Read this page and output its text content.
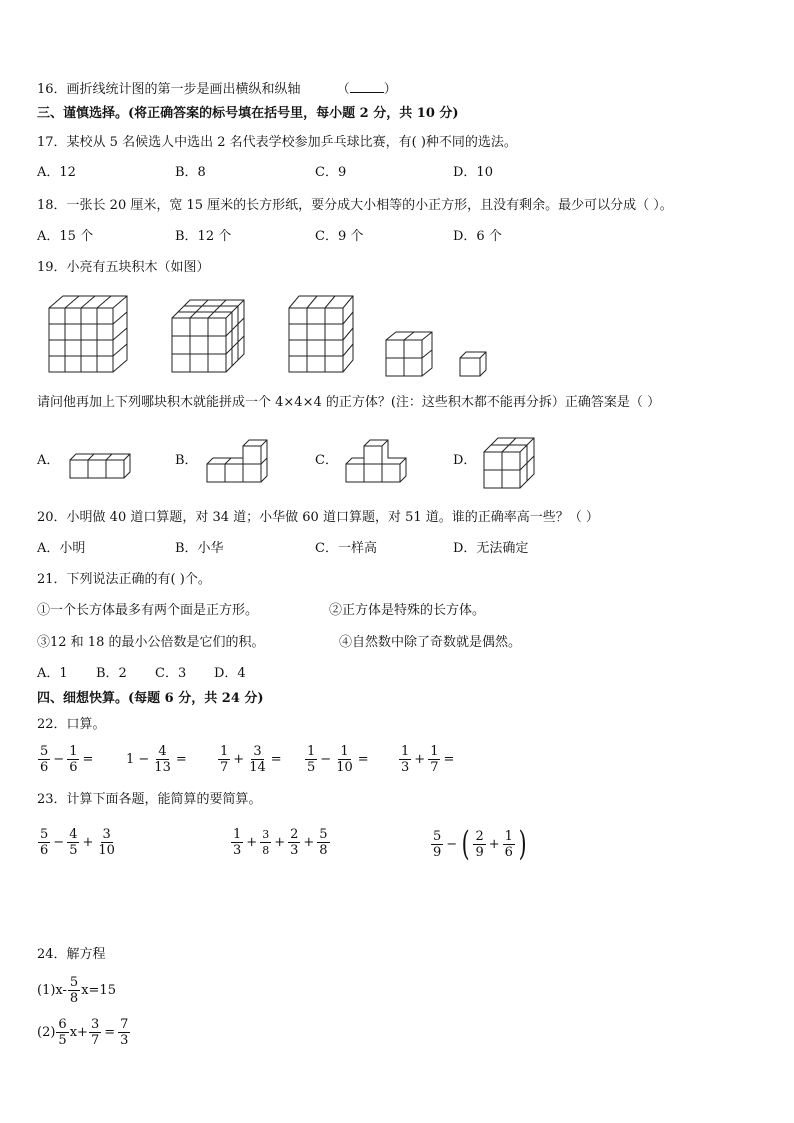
16．画折线统计图的第一步是画出横纵和纵轴	（	）
三、谨慎选择。(将正确答案的标号填在括号里，每小题 2 分，共 10 分)
17．某校从 5 名候选人中选出 2 名代表学校参加乒乓球比赛，有( )种不同的选法。
A．12	B．8	C．9	D．10
18．一张长 20 厘米，宽 15 厘米的长方形纸，要分成大小相等的小正方形，且没有剩余。最少可以分成（ ）。
A．15 个	B．12 个	C．9 个	D．6 个
19．小亮有五块积木（如图）
请问他再加上下列哪块积木就能拼成一个 4×4×4 的正方体？(注：这些积木都不能再分拆）正确答案是（ ）
A．	B．	C．	D．
20．小明做 40 道口算题，对 34 道；小华做 60 道口算题，对 51 道。谁的正确率高一些？（ ）
A．小明	B．小华	C．一样高	D．无法确定
21．下列说法正确的有( )个。
①一个长方体最多有两个面是正方形。	②正方体是特殊的长方体。
③12 和 18 的最小公倍数是它们的积。	④自然数中除了奇数就是偶然。
A．1 B．2 C．3 D．4
四、细想快算。(每题 6 分，共 24 分)
22．口算。
$\frac{5}{6} - \frac{1}{6}$ =	$1 - \frac{4}{13} = \frac{1}{7} + \frac{3}{14} = \frac{1}{5} - \frac{1}{10} = \frac{1}{3} + \frac{1}{7}$ =
23．计算下面各题，能简算的要简算。
$\frac{5}{6} - \frac{4}{5} + \frac{3}{10}$	$\frac{1}{3} + \frac{3}{8} + \frac{2}{3} + \frac{5}{8}$	$\frac{5}{9}$ − ( $\frac{2}{9} + \frac{1}{6}$ )
24．解方程
$(1)x- \frac{5}{8} x=15$
$(2) \frac{6}{5} x+ \frac{3}{7} = \frac{7}{3}$
